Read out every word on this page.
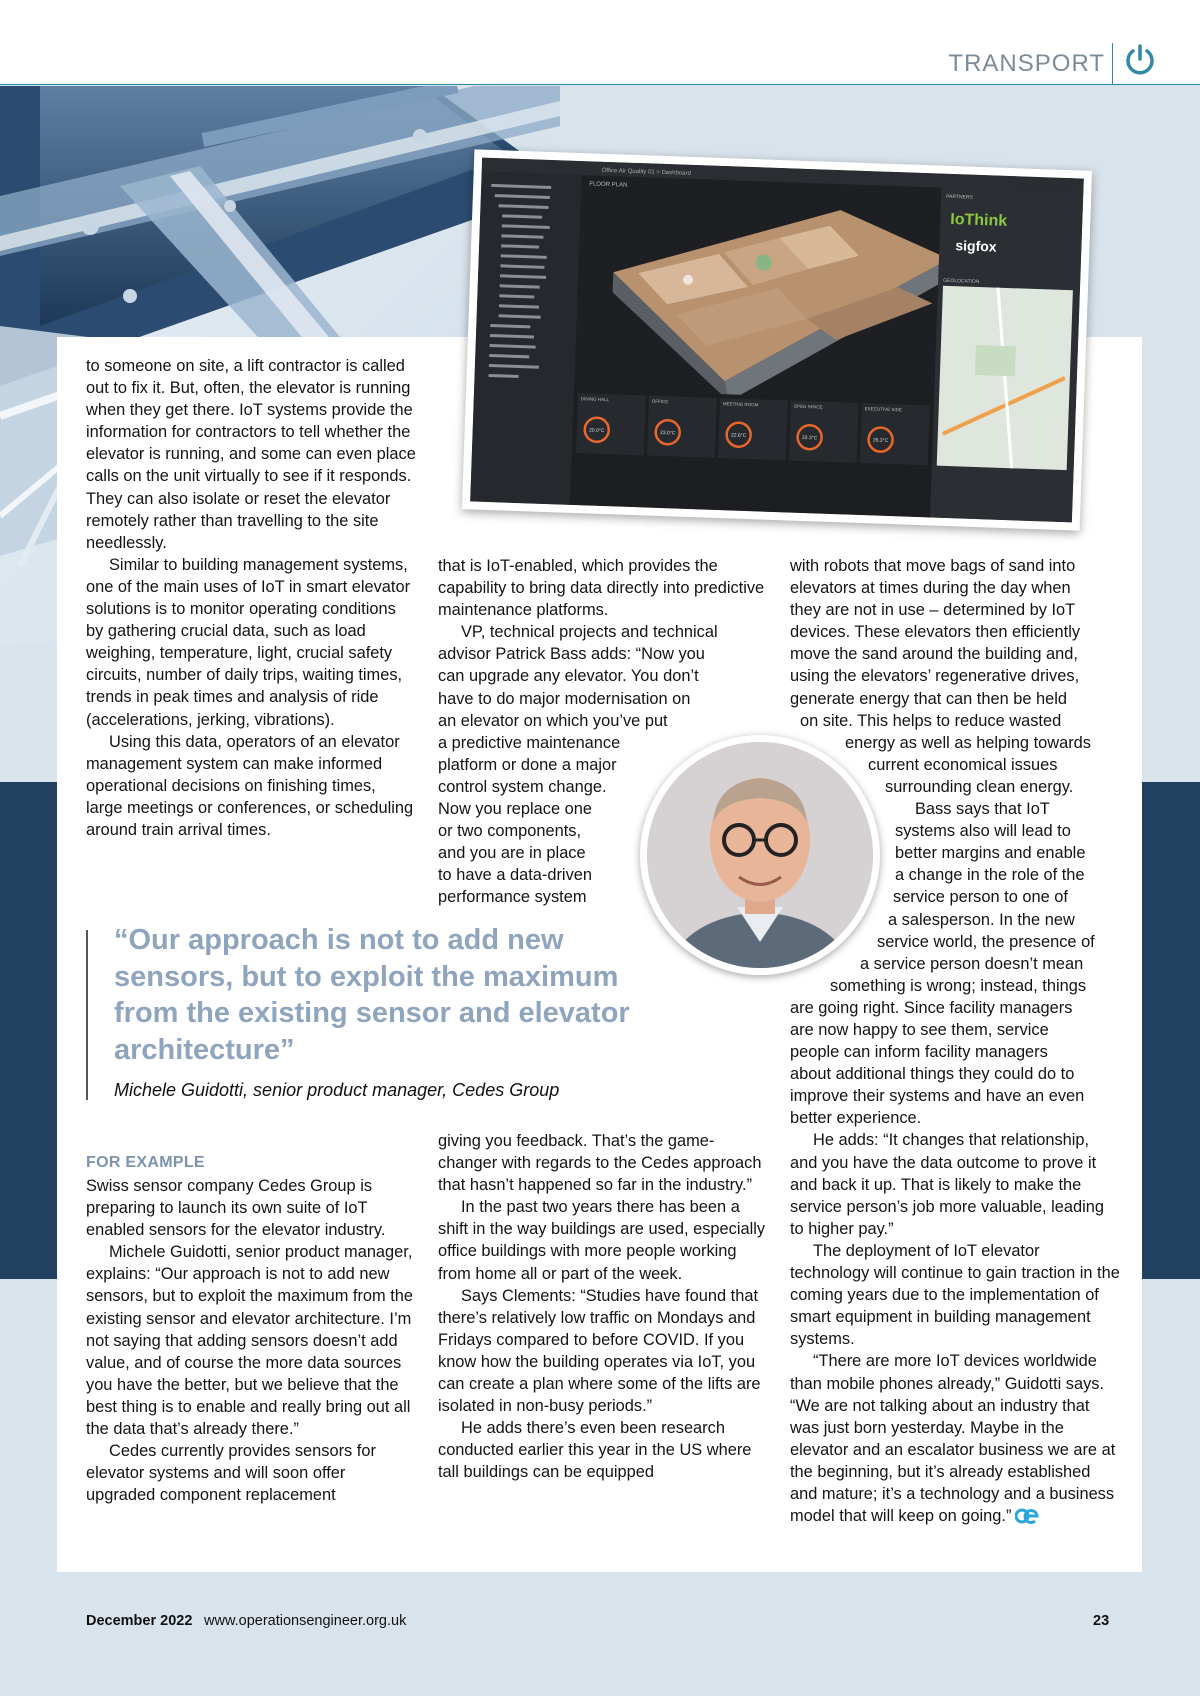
TRANSPORT
Office Air Quality 01 > Dashboard
FLOOR PLAN
PARTNERS
IoThink
sigfox
GEOLOCATION
DINING HALL
20.0°C
OFFICE
23.0°C
MEETING ROOM
22.6°C
OPEN SPACE
23.3°C
EXECUTIVE SIDE
26.3°C

to someone on site, a lift contractor is called out to fix it. But, often, the elevator is running when they get there. IoT systems provide the information for contractors to tell whether the elevator is running, and some can even place calls on the unit virtually to see if it responds. They can also isolate or reset the elevator remotely rather than travelling to the site needlessly.

Similar to building management systems, one of the main uses of IoT in smart elevator solutions is to monitor operating conditions by gathering crucial data, such as load weighing, temperature, light, crucial safety circuits, number of daily trips, waiting times, trends in peak times and analysis of ride (accelerations, jerking, vibrations).

Using this data, operators of an elevator management system can make informed operational decisions on finishing times, large meetings or conferences, or scheduling around train arrival times.

that is IoT-enabled, which provides the capability to bring data directly into predictive maintenance platforms.

VP, technical projects and technical
advisor Patrick Bass adds: “Now you
can upgrade any elevator. You don’t
have to do major modernisation on
an elevator on which you’ve put
a predictive maintenance
platform or done a major
control system change.
Now you replace one
or two components,
and you are in place
to have a data-driven
performance system
with robots that move bags of sand into
elevators at times during the day when
they are not in use – determined by IoT
devices. These elevators then efficiently
move the sand around the building and,
using the elevators’ regenerative drives,
generate energy that can then be held
on site. This helps to reduce wasted
energy as well as helping towards
current economical issues
surrounding clean energy.
Bass says that IoT
systems also will lead to
better margins and enable
a change in the role of the
service person to one of
a salesperson. In the new
service world, the presence of
a service person doesn’t mean
something is wrong; instead, things
are going right. Since facility managers
are now happy to see them, service
people can inform facility managers
about additional things they could do to
improve their systems and have an even
better experience.

He adds: “It changes that relationship, and you have the data outcome to prove it and back it up. That is likely to make the service person’s job more valuable, leading to higher pay.”

“Our approach is not to add new sensors, but to exploit the maximum from the existing sensor and elevator architecture”
Michele Guidotti, senior product manager, Cedes Group
FOR EXAMPLE

Swiss sensor company Cedes Group is preparing to launch its own suite of IoT enabled sensors for the elevator industry.

Michele Guidotti, senior product manager, explains: “Our approach is not to add new sensors, but to exploit the maximum from the existing sensor and elevator architecture. I’m not saying that adding sensors doesn’t add value, and of course the more data sources you have the better, but we believe that the best thing is to enable and really bring out all the data that’s already there.”

Cedes currently provides sensors for elevator systems and will soon offer upgraded component replacement

giving you feedback. That’s the game-changer with regards to the Cedes approach that hasn’t happened so far in the industry.”

In the past two years there has been a shift in the way buildings are used, especially office buildings with more people working from home all or part of the week.

Says Clements: “Studies have found that there’s relatively low traffic on Mondays and Fridays compared to before COVID. If you know how the building operates via IoT, you can create a plan where some of the lifts are isolated in non-busy periods.”

He adds there’s even been research conducted earlier this year in the US where tall buildings can be equipped

The deployment of IoT elevator technology will continue to gain traction in the coming years due to the implementation of smart equipment in building management systems.

“There are more IoT devices worldwide than mobile phones already,” Guidotti says. “We are not talking about an industry that was just born yesterday. Maybe in the elevator and an escalator business we are at the beginning, but it’s already established and mature; it’s a technology and a business model that will keep on going.”

December 2022 www.operationsengineer.org.uk	23
